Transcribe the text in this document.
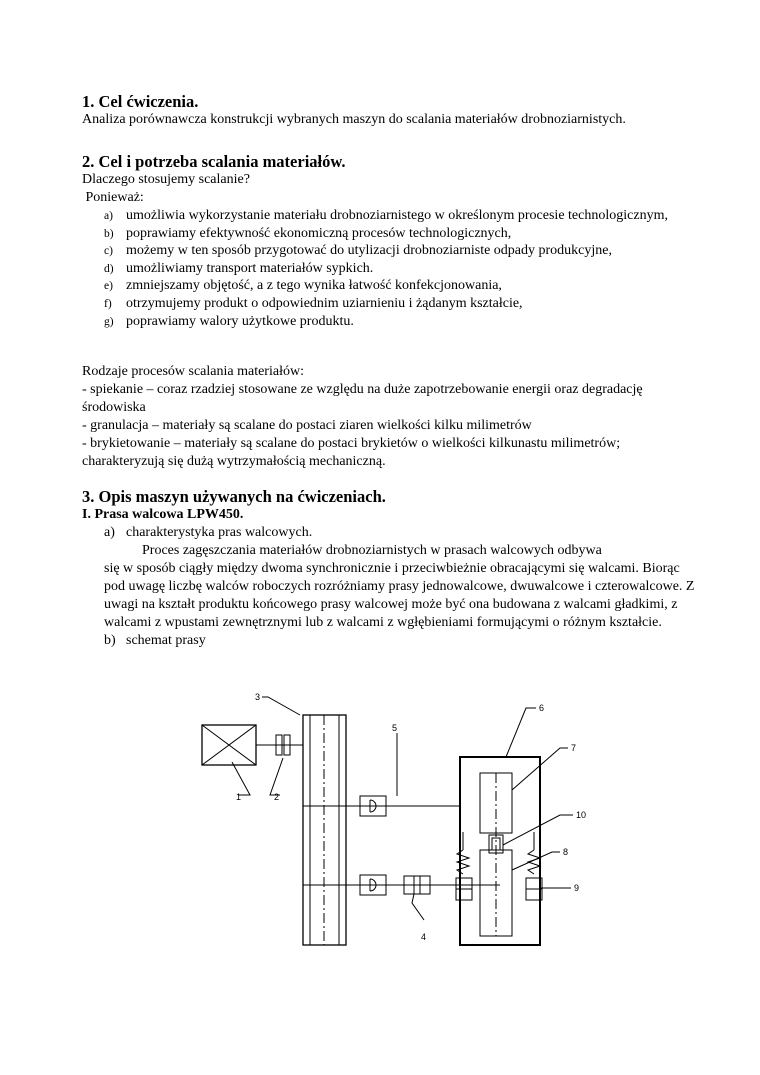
1. Cel ćwiczenia.

Analiza porównawcza konstrukcji wybranych maszyn do scalania materiałów drobnoziarnistych.

2. Cel i potrzeba scalania materiałów.

Dlaczego stosujemy scalanie?

Ponieważ:

a) umożliwia wykorzystanie materiału drobnoziarnistego w określonym procesie technologicznym,
b) poprawiamy efektywność ekonomiczną procesów technologicznych,
c) możemy w ten sposób przygotować do utylizacji drobnoziarniste odpady produkcyjne,
d) umożliwiamy transport materiałów sypkich.
e) zmniejszamy objętość, a z tego wynika łatwość konfekcjonowania,
f) otrzymujemy produkt o odpowiednim uziarnieniu i żądanym kształcie,
g) poprawiamy walory użytkowe produktu.

Rodzaje procesów scalania materiałów:

- spiekanie – coraz rzadziej stosowane ze względu na duże zapotrzebowanie energii oraz degradację środowiska

- granulacja – materiały są scalane do postaci ziaren wielkości kilku milimetrów

- brykietowanie – materiały są scalane do postaci brykietów o wielkości kilkunastu milimetrów; charakteryzują się dużą wytrzymałością mechaniczną.

3. Opis maszyn używanych na ćwiczeniach.

I. Prasa walcowa LPW450.

a) charakterystyka pras walcowych.

Proces zagęszczania materiałów drobnoziarnistych w prasach walcowych odbywa

się w sposób ciągły między dwoma synchronicznie i przeciwbieżnie obracającymi się walcami. Biorąc pod uwagę liczbę walców roboczych rozróżniamy prasy jednowalcowe, dwuwalcowe i czterowalcowe. Z uwagi na kształt produktu końcowego prasy walcowej może być ona budowana z walcami gładkimi, z walcami z wpustami zewnętrznymi lub z walcami z wgłębieniami formującymi o różnym kształcie.

b) schemat prasy
1	2
3
4
5
6
7
8
9
10
